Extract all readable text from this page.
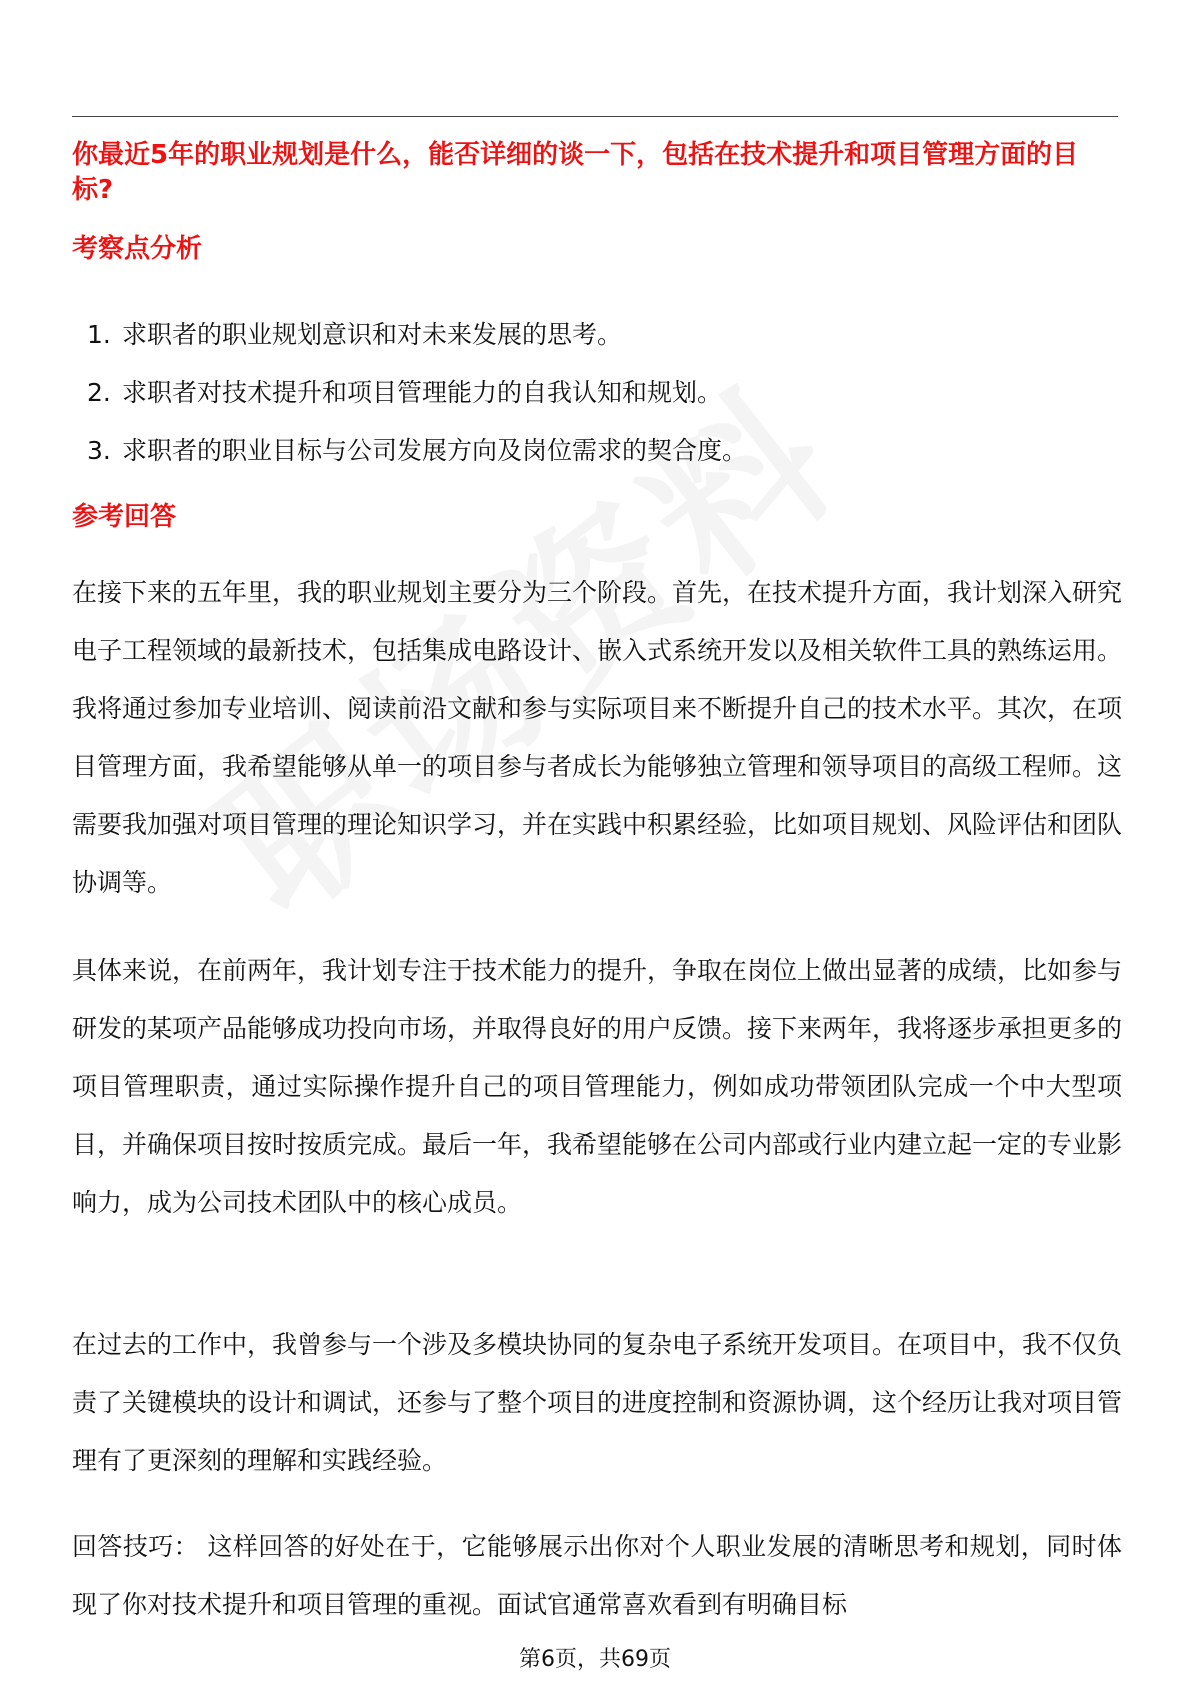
你最近5年的职业规划是什么，能否详细的谈一下，包括在技术提升和项目管理方面的目标?
考察点分析
1. 求职者的职业规划意识和对未来发展的思考。
2. 求职者对技术提升和项目管理能力的自我认知和规划。
3. 求职者的职业目标与公司发展方向及岗位需求的契合度。
参考回答

在接下来的五年里，我的职业规划主要分为三个阶段。首先，在技术提升方面，我计划深入研究电子工程领域的最新技术，包括集成电路设计、嵌入式系统开发以及相关软件工具的熟练运用。我将通过参加专业培训、阅读前沿文献和参与实际项目来不断提升自己的技术水平。其次，在项目管理方面，我希望能够从单一的项目参与者成长为能够独立管理和领导项目的高级工程师。这需要我加强对项目管理的理论知识学习，并在实践中积累经验，比如项目规划、风险评估和团队协调等。

具体来说，在前两年，我计划专注于技术能力的提升，争取在岗位上做出显著的成绩，比如参与研发的某项产品能够成功投向市场，并取得良好的用户反馈。接下来两年，我将逐步承担更多的项目管理职责，通过实际操作提升自己的项目管理能力，例如成功带领团队完成一个中大型项目，并确保项目按时按质完成。最后一年，我希望能够在公司内部或行业内建立起一定的专业影响力，成为公司技术团队中的核心成员。

在过去的工作中，我曾参与一个涉及多模块协同的复杂电子系统开发项目。在项目中，我不仅负责了关键模块的设计和调试，还参与了整个项目的进度控制和资源协调，这个经历让我对项目管理有了更深刻的理解和实践经验。

回答技巧： 这样回答的好处在于，它能够展示出你对个人职业发展的清晰思考和规划，同时体现了你对技术提升和项目管理的重视。面试官通常喜欢看到有明确目标

第6页，共69页
